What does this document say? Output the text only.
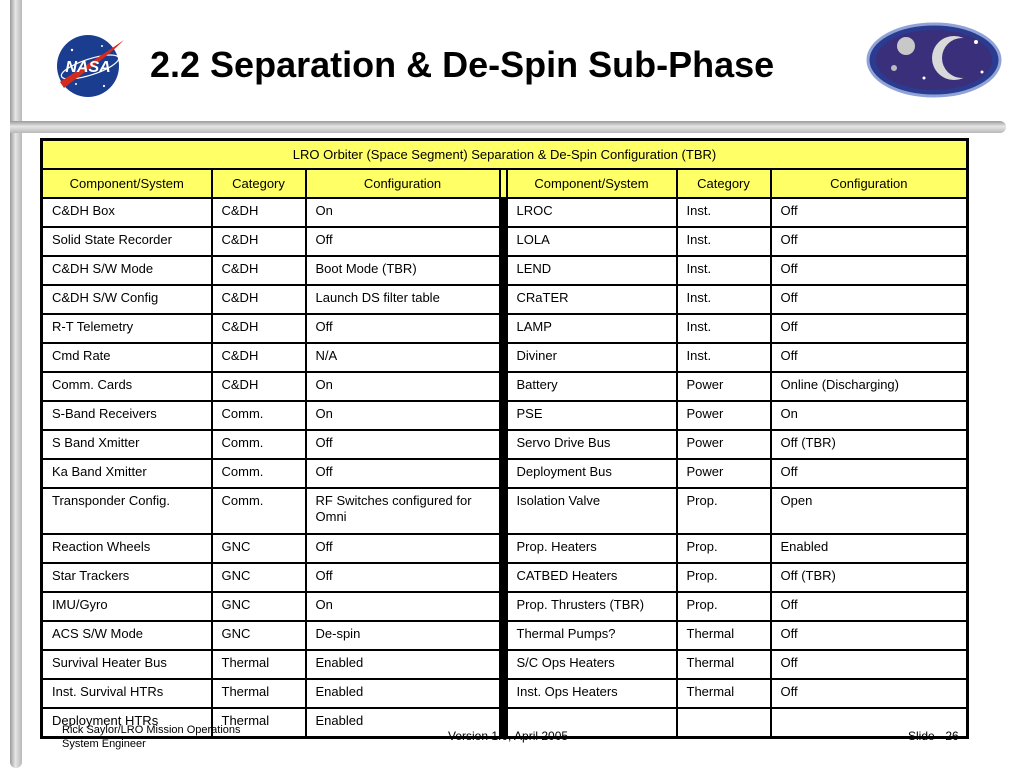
NASA 2.2 Separation & De-Spin Sub-Phase
LRO Orbiter (Space Segment) Separation & De-Spin Configuration (TBR)						
Component/System	Category	Configuration		Component/System	Category	Configuration
C&DH Box	C&DH	On		LROC	Inst.	Off
Solid State Recorder	C&DH	Off		LOLA	Inst.	Off
C&DH S/W Mode	C&DH	Boot Mode (TBR)		LEND	Inst.	Off
C&DH S/W Config	C&DH	Launch DS filter table		CRaTER	Inst.	Off
R-T Telemetry	C&DH	Off		LAMP	Inst.	Off
Cmd Rate	C&DH	N/A		Diviner	Inst.	Off
Comm. Cards	C&DH	On		Battery	Power	Online (Discharging)
S-Band Receivers	Comm.	On		PSE	Power	On
S Band Xmitter	Comm.	Off		Servo Drive Bus	Power	Off (TBR)
Ka Band Xmitter	Comm.	Off		Deployment Bus	Power	Off
Transponder Config.	Comm.	RF Switches configured for Omni		Isolation Valve	Prop.	Open
Reaction Wheels	GNC	Off		Prop. Heaters	Prop.	Enabled
Star Trackers	GNC	Off		CATBED Heaters	Prop.	Off (TBR)
IMU/Gyro	GNC	On		Prop. Thrusters (TBR)	Prop.	Off
ACS S/W Mode	GNC	De-spin		Thermal Pumps?	Thermal	Off
Survival Heater Bus	Thermal	Enabled		S/C Ops Heaters	Thermal	Off
Inst. Survival HTRs	Thermal	Enabled		Inst. Ops Heaters	Thermal	Off
Deployment HTRs	Thermal	Enabled				
Rick Saylor/LRO Mission Operations
System Engineer
Version 1.0, April 2005	Slide - 26
